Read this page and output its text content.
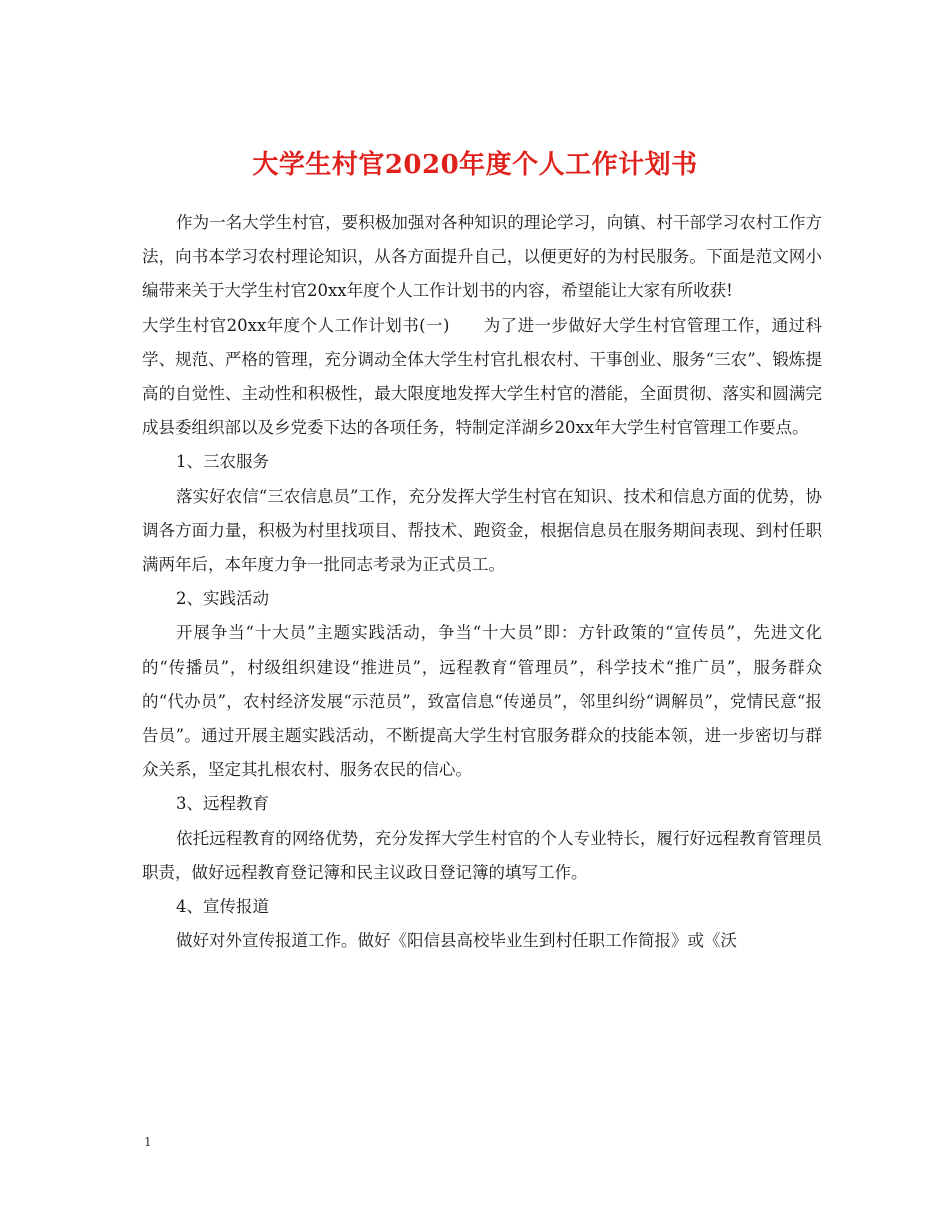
大学生村官2020年度个人工作计划书

作为一名大学生村官，要积极加强对各种知识的理论学习，向镇、村干部学习农村工作方法，向书本学习农村理论知识，从各方面提升自己，以便更好的为村民服务。下面是范文网小编带来关于大学生村官20xx年度个人工作计划书的内容，希望能让大家有所收获!

大学生村官20xx年度个人工作计划书(一)　　为了进一步做好大学生村官管理工作，通过科学、规范、严格的管理，充分调动全体大学生村官扎根农村、干事创业、服务“三农”、锻炼提高的自觉性、主动性和积极性，最大限度地发挥大学生村官的潜能，全面贯彻、落实和圆满完成县委组织部以及乡党委下达的各项任务，特制定洋湖乡20xx年大学生村官管理工作要点。

1、三农服务

落实好农信“三农信息员”工作，充分发挥大学生村官在知识、技术和信息方面的优势，协调各方面力量，积极为村里找项目、帮技术、跑资金，根据信息员在服务期间表现、到村任职满两年后，本年度力争一批同志考录为正式员工。

2、实践活动

开展争当“十大员”主题实践活动，争当“十大员”即：方针政策的“宣传员”，先进文化的“传播员”，村级组织建设“推进员”，远程教育“管理员”，科学技术“推广员”，服务群众的“代办员”，农村经济发展“示范员”，致富信息“传递员”，邻里纠纷“调解员”，党情民意“报告员”。通过开展主题实践活动，不断提高大学生村官服务群众的技能本领，进一步密切与群众关系，坚定其扎根农村、服务农民的信心。

3、远程教育

依托远程教育的网络优势，充分发挥大学生村官的个人专业特长，履行好远程教育管理员职责，做好远程教育登记簿和民主议政日登记簿的填写工作。

4、宣传报道

做好对外宣传报道工作。做好《阳信县高校毕业生到村任职工作简报》或《沃

1
